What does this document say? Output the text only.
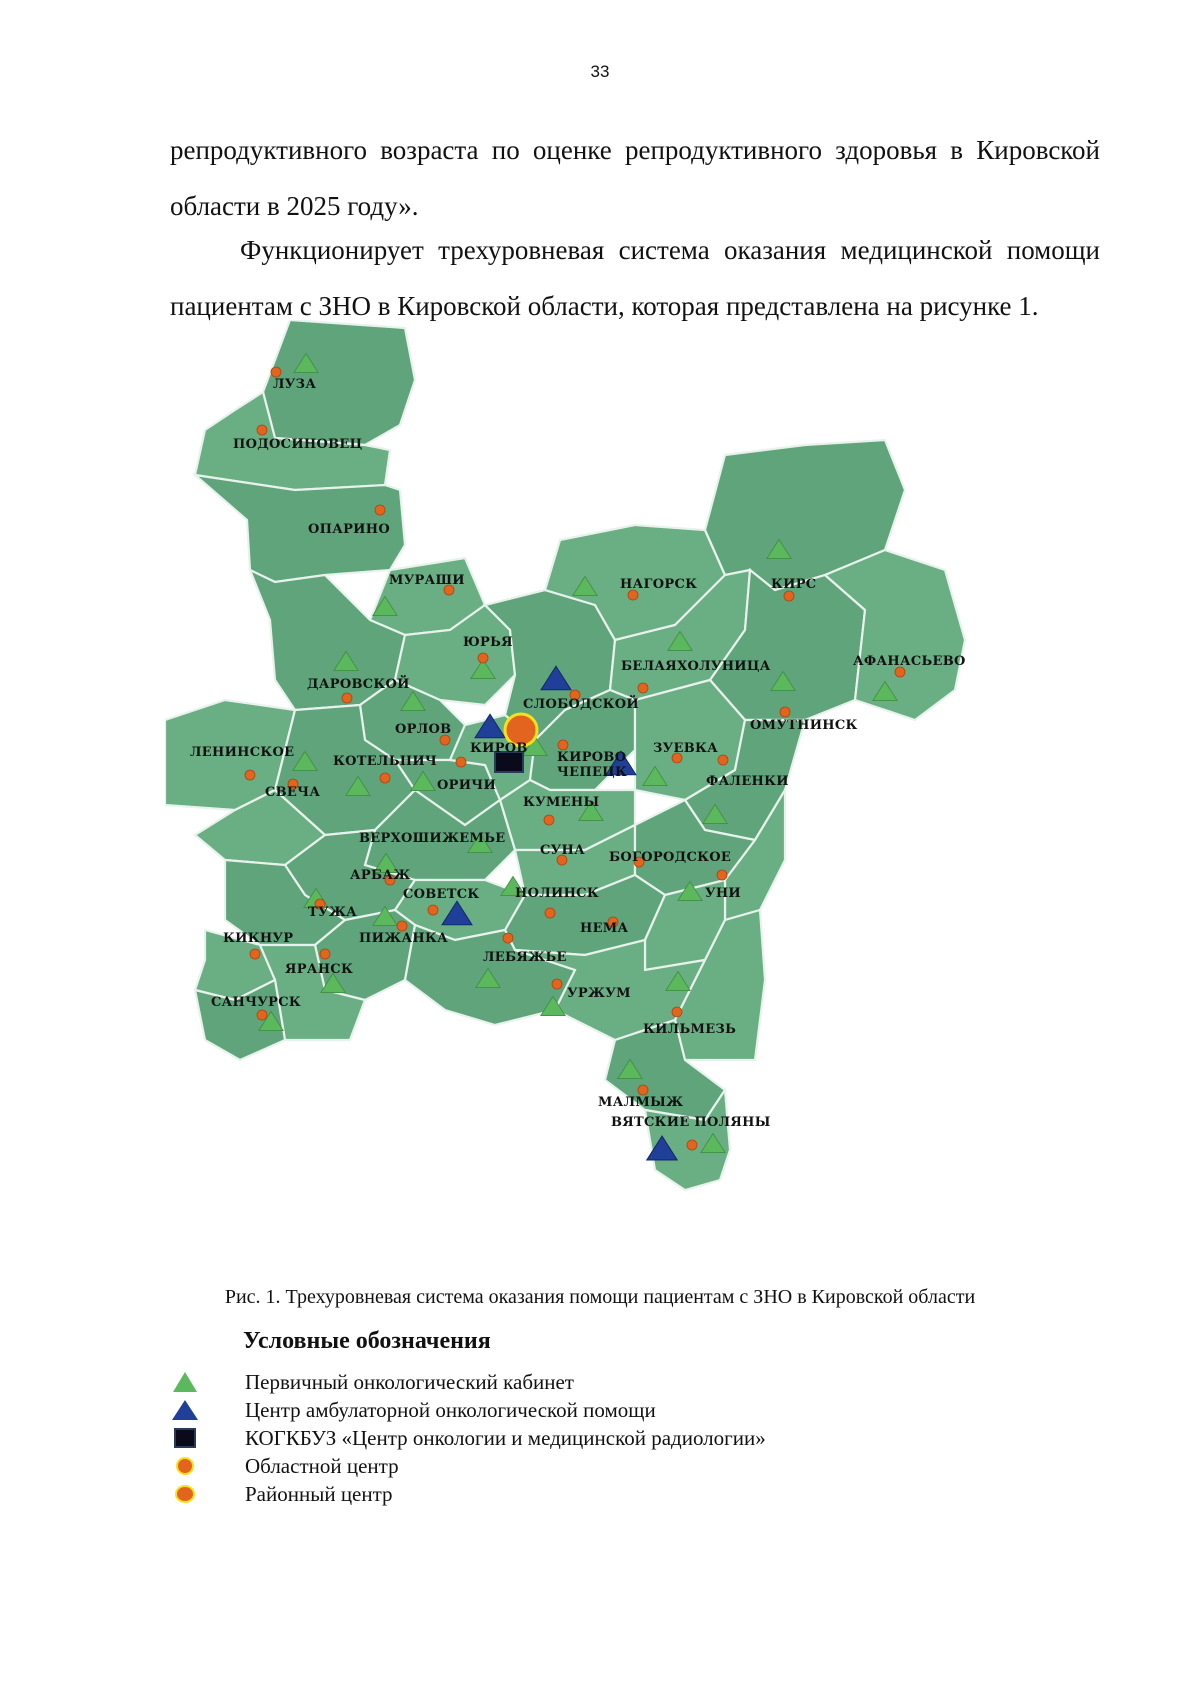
33

репродуктивного возраста по оценке репродуктивного здоровья в Кировской области в 2025 году».

Функционирует трехуровневая система оказания медицинской помощи пациентам с ЗНО в Кировской области, которая представлена на рисунке 1.

ЛУЗА
ПОДОСИНОВЕЦ
ОПАРИНО
МУРАШИ	НАГОРСК	КИРС
ЮРЬЯ
ДАРОВСКОЙ
БЕЛАЯХОЛУНИЦА	АФАНАСЬЕВО
СЛОБОДСКОЙ
ОРЛОВ	ОМУТНИНСК
ЛЕНИНСКОЕ
КОТЕЛЬНИЧ
КИРОВ
КИРОВО
ЧЕПЕЦК
ЗУЕВКА
СВЕЧА	ОРИЧИ	ФАЛЕНКИ
КУМЕНЫ
ВЕРХОШИЖЕМЬЕ
СУНА БОГОРОДСКОЕ
АРБАЖ
СОВЕТСК	НОЛИНСК	УНИ
ТУЖА
НЕМА
КИКНУР	ПИЖАНКА
ЛЕБЯЖЬЕ
ЯРАНСК
УРЖУМ
САНЧУРСК
КИЛЬМЕЗЬ
МАЛМЫЖ
ВЯТСКИЕ ПОЛЯНЫ
Рис. 1. Трехуровневая система оказания помощи пациентам с ЗНО в Кировской области

Условные обозначения

Первичный онкологический кабинет
Центр амбулаторной онкологической помощи
КОГКБУЗ «Центр онкологии и медицинской радиологии»
Областной центр
Районный центр
